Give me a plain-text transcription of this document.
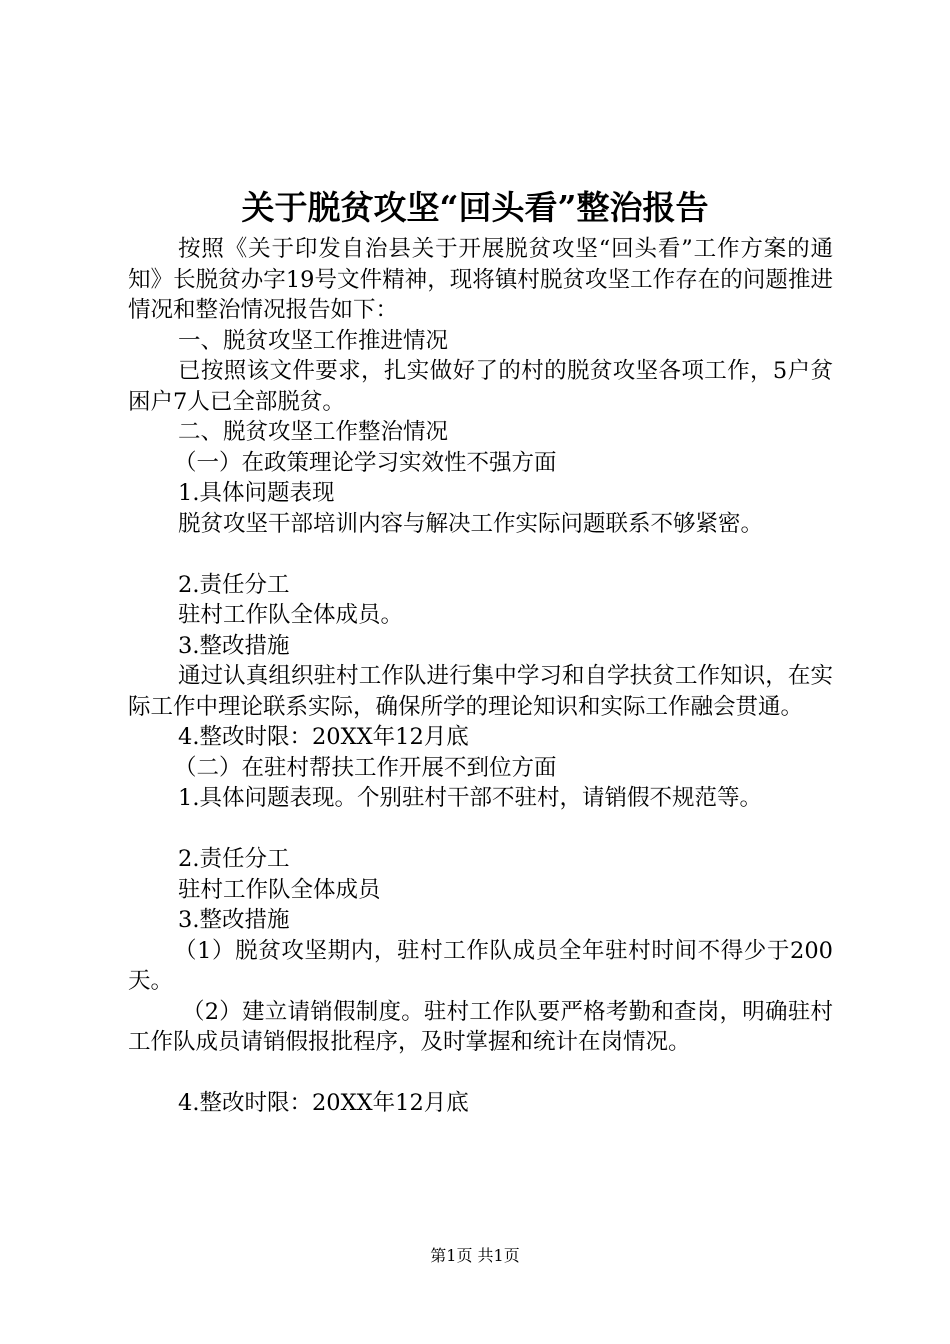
关于脱贫攻坚“回头看”整治报告

按照《关于印发自治县关于开展脱贫攻坚“回头看”工作方案的通知》长脱贫办字19号文件精神，现将镇村脱贫攻坚工作存在的问题推进情况和整治情况报告如下：

一、脱贫攻坚工作推进情况

已按照该文件要求，扎实做好了的村的脱贫攻坚各项工作，5户贫困户7人已全部脱贫。

二、脱贫攻坚工作整治情况

（一）在政策理论学习实效性不强方面

1.具体问题表现

脱贫攻坚干部培训内容与解决工作实际问题联系不够紧密。

2.责任分工

驻村工作队全体成员。

3.整改措施

通过认真组织驻村工作队进行集中学习和自学扶贫工作知识，在实际工作中理论联系实际，确保所学的理论知识和实际工作融会贯通。

4.整改时限：20XX年12月底

（二）在驻村帮扶工作开展不到位方面

1.具体问题表现。个别驻村干部不驻村，请销假不规范等。

2.责任分工

驻村工作队全体成员

3.整改措施

（1）脱贫攻坚期内，驻村工作队成员全年驻村时间不得少于200天。

（2）建立请销假制度。驻村工作队要严格考勤和查岗，明确驻村工作队成员请销假报批程序，及时掌握和统计在岗情况。

4.整改时限：20XX年12月底

第1页 共1页
